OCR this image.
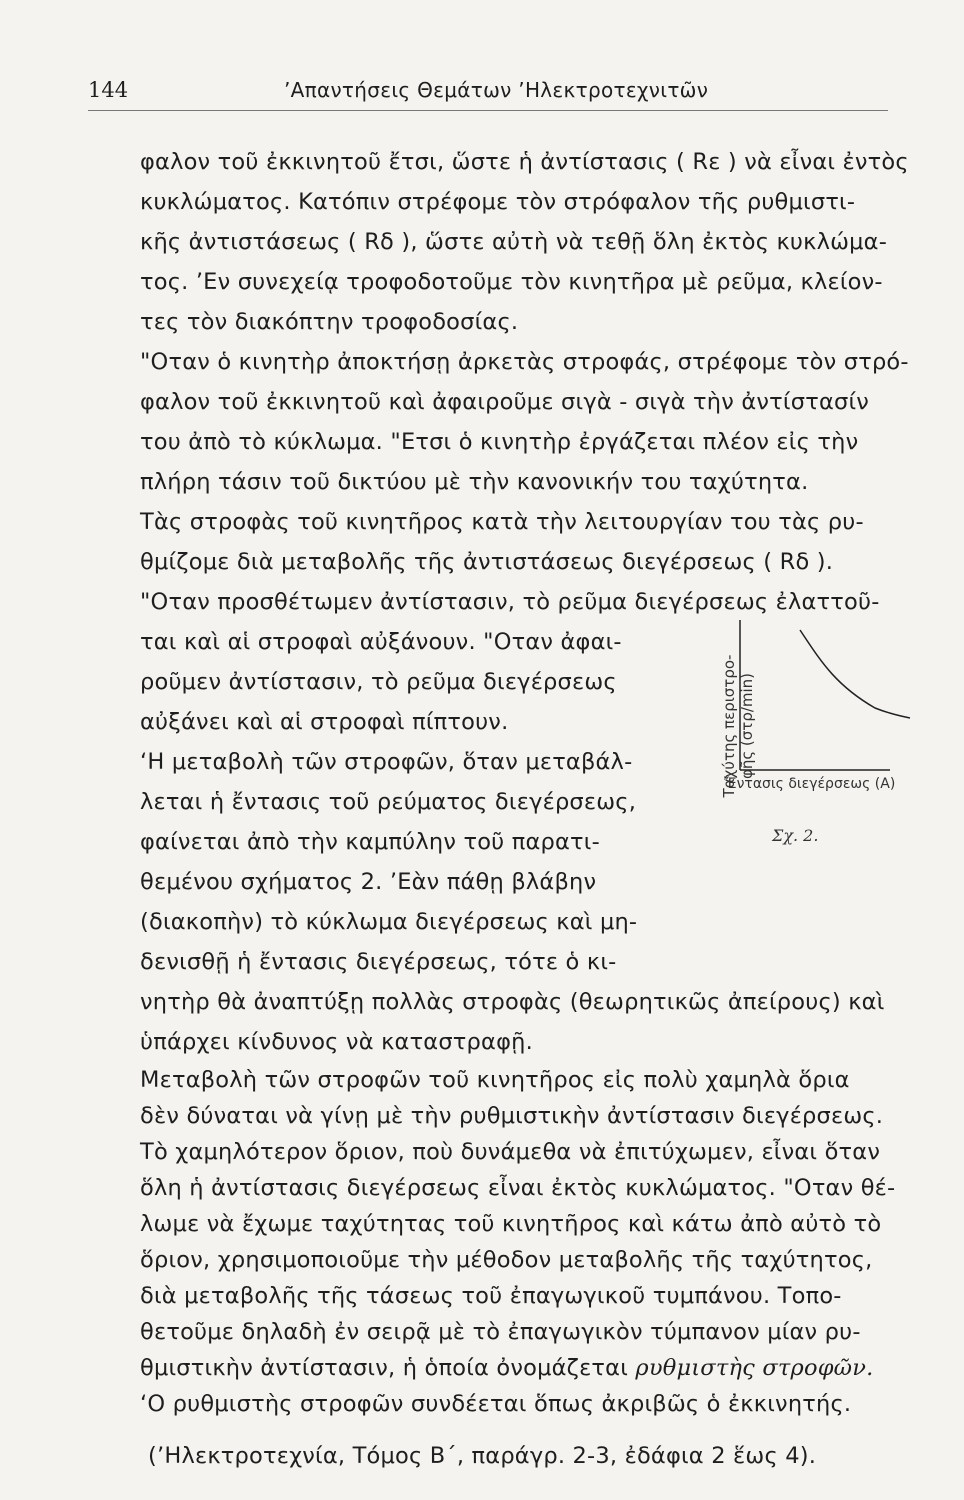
144	’Απαντήσεις Θεμάτων ’Ηλεκτροτεχνιτῶν
φαλον τοῦ ἐκκινητοῦ ἔτσι, ὥστε ἡ ἀντίστασις ( Rε ) νὰ εἶναι ἐντὸς
κυκλώματος. Κατόπιν στρέφομε τὸν στρόφαλον τῆς ρυθμιστι-
κῆς ἀντιστάσεως ( Rδ ), ὥστε αὐτὴ νὰ τεθῇ ὅλη ἐκτὸς κυκλώμα-
τος. ’Εν συνεχείᾳ τροφοδοτοῦμε τὸν κινητῆρα μὲ ρεῦμα, κλείον-
τες τὸν διακόπτην τροφοδοσίας.
"Οταν ὁ κινητὴρ ἀποκτήσῃ ἀρκετὰς στροφάς, στρέφομε τὸν στρό-
φαλον τοῦ ἐκκινητοῦ καὶ ἀφαιροῦμε σιγὰ - σιγὰ τὴν ἀντίστασίν
του ἀπὸ τὸ κύκλωμα. "Ετσι ὁ κινητὴρ ἐργάζεται πλέον εἰς τὴν
πλήρη τάσιν τοῦ δικτύου μὲ τὴν κανονικήν του ταχύτητα.
Τὰς στροφὰς τοῦ κινητῆρος κατὰ τὴν λειτουργίαν του τὰς ρυ-
θμίζομε διὰ μεταβολῆς τῆς ἀντιστάσεως διεγέρσεως ( Rδ ).
"Οταν προσθέτωμεν ἀντίστασιν, τὸ ρεῦμα διεγέρσεως ἐλαττοῦ-
ται καὶ αἱ στροφαὶ αὐξάνουν. "Οταν ἀφαι-
ροῦμεν ἀντίστασιν, τὸ ρεῦμα διεγέρσεως
αὐξάνει καὶ αἱ στροφαὶ πίπτουν.
‘Η μεταβολὴ τῶν στροφῶν, ὅταν μεταβάλ-
λεται ἡ ἔντασις τοῦ ρεύματος διεγέρσεως,
φαίνεται ἀπὸ τὴν καμπύλην τοῦ παρατι-
θεμένου σχήματος 2. ’Εὰν πάθῃ βλάβην
(διακοπὴν) τὸ κύκλωμα διεγέρσεως καὶ μη-
δενισθῇ ἡ ἔντασις διεγέρσεως, τότε ὁ κι-
νητὴρ θὰ ἀναπτύξῃ πολλὰς στροφὰς (θεωρητικῶς ἀπείρους) καὶ
ὑπάρχει κίνδυνος νὰ καταστραφῇ.
Μεταβολὴ τῶν στροφῶν τοῦ κινητῆρος εἰς πολὺ χαμηλὰ ὅρια
δὲν δύναται νὰ γίνῃ μὲ τὴν ρυθμιστικὴν ἀντίστασιν διεγέρσεως.
Τὸ χαμηλότερον ὅριον, ποὺ δυνάμεθα νὰ ἐπιτύχωμεν, εἶναι ὅταν
ὅλη ἡ ἀντίστασις διεγέρσεως εἶναι ἐκτὸς κυκλώματος. "Οταν θέ-
λωμε νὰ ἔχωμε ταχύτητας τοῦ κινητῆρος καὶ κάτω ἀπὸ αὐτὸ τὸ
ὅριον, χρησιμοποιοῦμε τὴν μέθοδον μεταβολῆς τῆς ταχύτητος,
διὰ μεταβολῆς τῆς τάσεως τοῦ ἐπαγωγικοῦ τυμπάνου. Τοπο-
θετοῦμε δηλαδὴ ἐν σειρᾷ μὲ τὸ ἐπαγωγικὸν τύμπανον μίαν ρυ-
θμιστικὴν ἀντίστασιν, ἡ ὁποία ὀνομάζεται ρυθμιστὴς στροφῶν.
‘Ο ρυθμιστὴς στροφῶν συνδέεται ὅπως ἀκριβῶς ὁ ἐκκινητής.
Ταχύτης περιστρο-φῆς (στρ/min)
Ἔντασις διεγέρσεως (A)
Σχ. 2.
(’Ηλεκτροτεχνία, Τόμος Β΄, παράγρ. 2-3, ἐδάφια 2 ἕως 4).
